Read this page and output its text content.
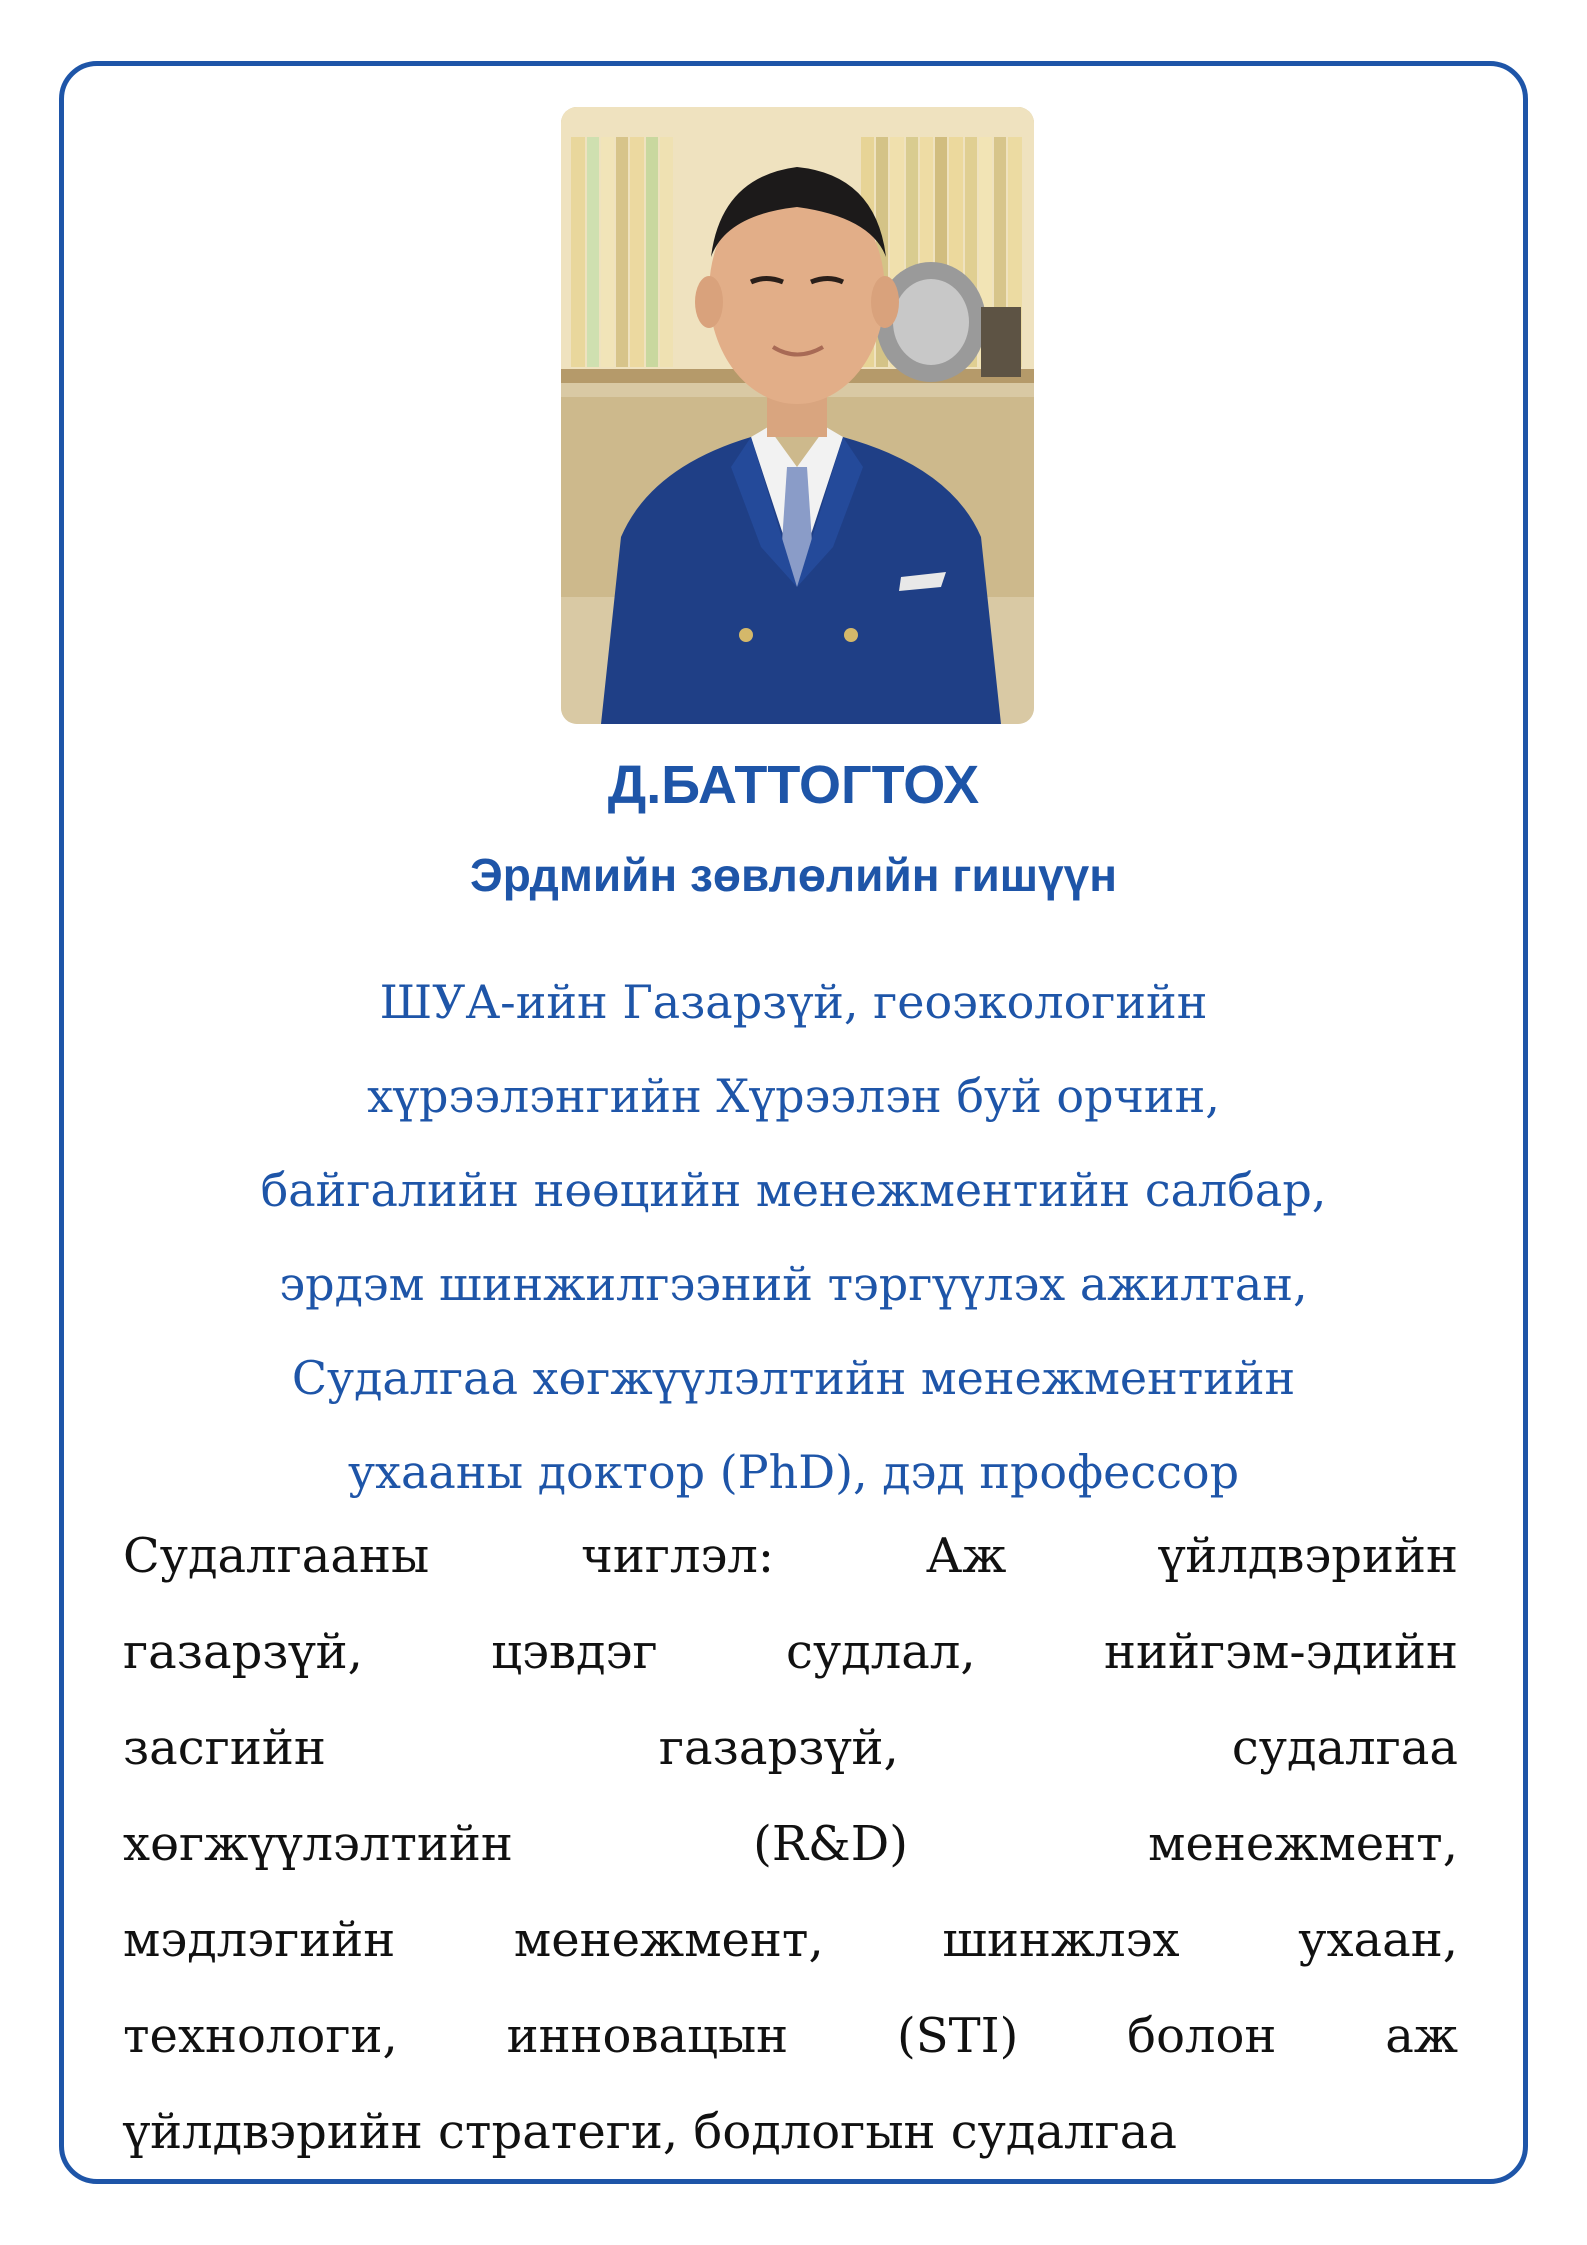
Д.БАТТОГТОХ
Эрдмийн зөвлөлийн гишүүн
ШУА-ийн Газарзүй, геоэкологийн
хүрээлэнгийн Хүрээлэн буй орчин,
байгалийн нөөцийн менежментийн салбар,
эрдэм шинжилгээний тэргүүлэх ажилтан,
Судалгаа хөгжүүлэлтийн менежментийн
ухааны доктор (PhD), дэд профессор
Судалгааны чиглэл: Аж үйлдвэрийн
газарзүй, цэвдэг судлал, нийгэм-эдийн
засгийн газарзүй, судалгаа
хөгжүүлэлтийн (R&D) менежмент,
мэдлэгийн менежмент, шинжлэх ухаан,
технологи, инновацын (STI) болон аж
үйлдвэрийн стратеги, бодлогын судалгаа
